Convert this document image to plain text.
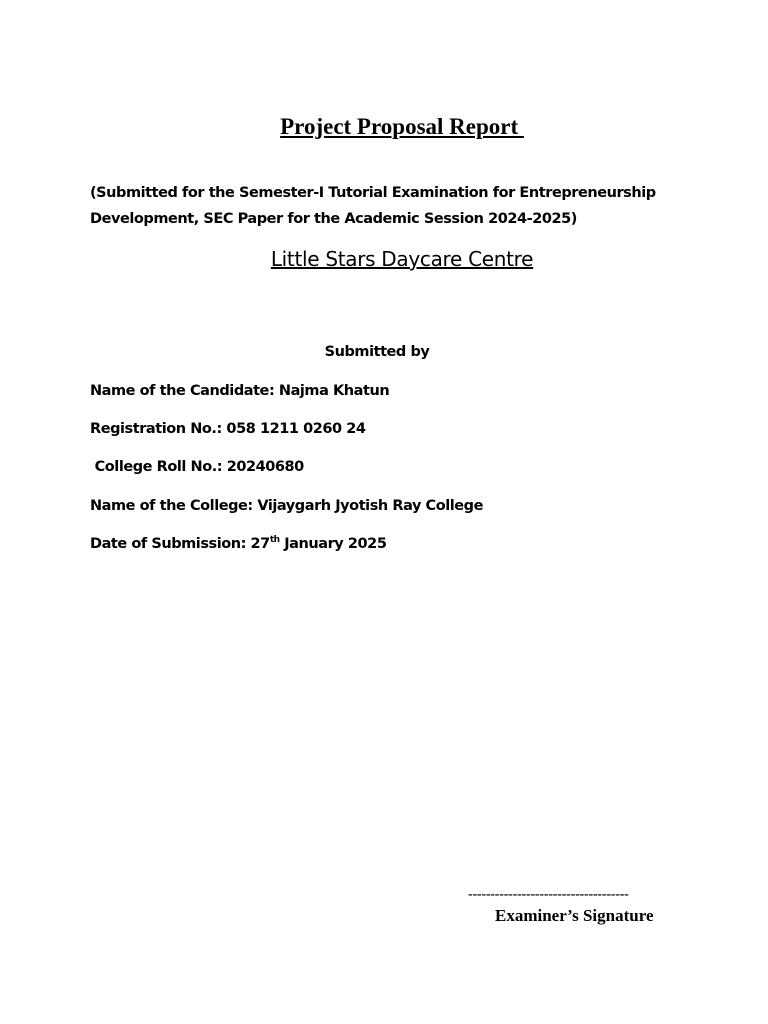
Project Proposal Report
(Submitted for the Semester-I Tutorial Examination for Entrepreneurship
Development, SEC Paper for the Academic Session 2024-2025)
Little Stars Daycare Centre
Submitted by
Name of the Candidate: Najma Khatun
Registration No.: 058 1211 0260 24
College Roll No.: 20240680
Name of the College: Vijaygarh Jyotish Ray College
Date of Submission: 27th January 2025
------------------------------------
Examiner’s Signature
